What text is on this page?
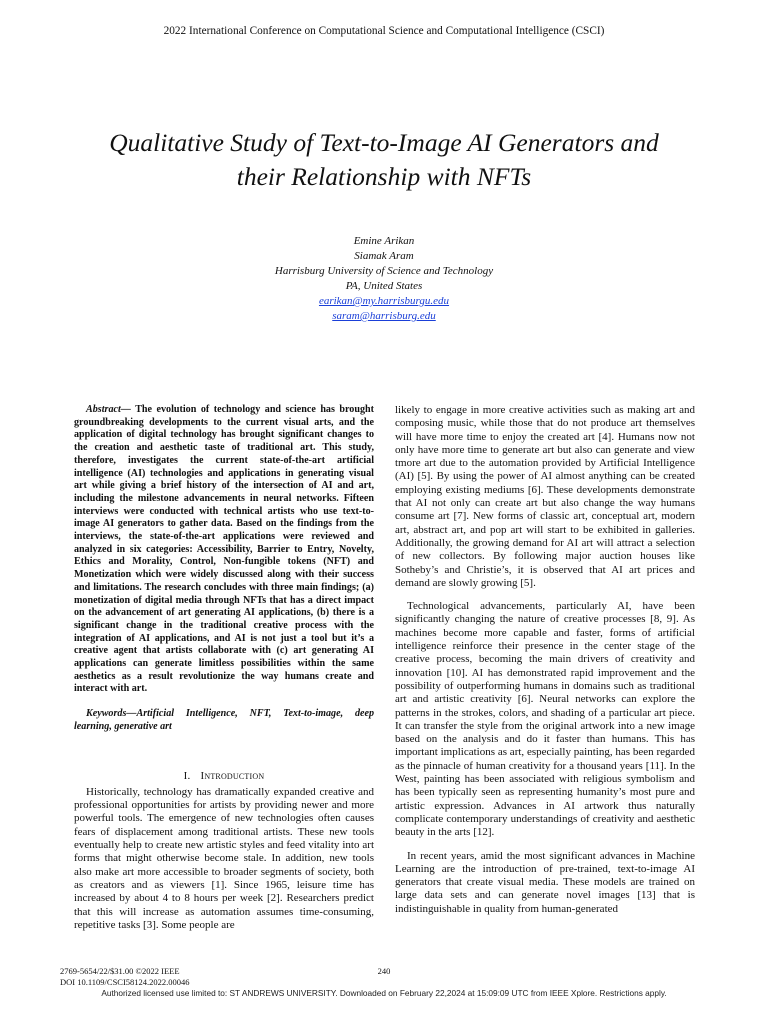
2022 International Conference on Computational Science and Computational Intelligence (CSCI)
Qualitative Study of Text-to-Image AI Generators and
their Relationship with NFTs
Emine Arikan
Siamak Aram
Harrisburg University of Science and Technology
PA, United States
earikan@my.harrisburgu.edu
saram@harrisburg.edu

Abstract— The evolution of technology and science has brought groundbreaking developments to the current visual arts, and the application of digital technology has brought significant changes to the creation and aesthetic taste of traditional art. This study, therefore, investigates the current state-of-the-art artificial intelligence (AI) technologies and applications in generating visual art while giving a brief history of the intersection of AI and art, including the milestone advancements in neural networks. Fifteen interviews were conducted with technical artists who use text-to-image AI generators to gather data. Based on the findings from the interviews, the state-of-the-art applications were reviewed and analyzed in six categories: Accessibility, Barrier to Entry, Novelty, Ethics and Morality, Control, Non-fungible tokens (NFT) and Monetization which were widely discussed along with their success and limitations. The research concludes with three main findings; (a) monetization of digital media through NFTs that has a direct impact on the advancement of art generating AI applications, (b) there is a significant change in the traditional creative process with the integration of AI applications, and AI is not just a tool but it’s a creative agent that artists collaborate with (c) art generating AI applications can generate limitless possibilities within the same aesthetics as a result revolutionize the way humans create and interact with art.

Keywords—Artificial Intelligence, NFT, Text-to-image, deep learning, generative art

I. Introduction

Historically, technology has dramatically expanded creative and professional opportunities for artists by providing newer and more powerful tools. The emergence of new technologies often causes fears of displacement among traditional artists. These new tools eventually help to create new artistic styles and feed vitality into art forms that might otherwise become stale. In addition, new tools also make art more accessible to broader segments of society, both as creators and as viewers [1]. Since 1965, leisure time has increased by about 4 to 8 hours per week [2]. Researchers predict that this will increase as automation assumes time-consuming, repetitive tasks [3]. Some people are

likely to engage in more creative activities such as making art and composing music, while those that do not produce art themselves will have more time to enjoy the created art [4]. Humans now not only have more time to generate art but also can generate and view tmore art due to the automation provided by Artificial Intelligence (AI) [5]. By using the power of AI almost anything can be created employing existing mediums [6]. These developments demonstrate that AI not only can create art but also change the way humans consume art [7]. New forms of classic art, conceptual art, modern art, abstract art, and pop art will start to be exhibited in galleries. Additionally, the growing demand for AI art will attract a selection of new collectors. By following major auction houses like Sotheby’s and Christie’s, it is observed that AI art prices and demand are slowly growing [5].

Technological advancements, particularly AI, have been significantly changing the nature of creative processes [8, 9]. As machines become more capable and faster, forms of artificial intelligence reinforce their presence in the center stage of the creative process, becoming the main drivers of creativity and innovation [10]. AI has demonstrated rapid improvement and the possibility of outperforming humans in domains such as traditional art and artistic creativity [6]. Neural networks can explore the patterns in the strokes, colors, and shading of a particular art piece. It can transfer the style from the original artwork into a new image based on the analysis and do it faster than humans. This has important implications as art, especially painting, has been regarded as the pinnacle of human creativity for a thousand years [11]. In the West, painting has been associated with religious symbolism and has been typically seen as representing humanity’s most pure and artistic expression. Advances in AI artwork thus naturally complicate contemporary understandings of creativity and aesthetic beauty in the arts [12].

In recent years, amid the most significant advances in Machine Learning are the introduction of pre-trained, text-to-image AI generators that create visual media. These models are trained on large data sets and can generate novel images [13] that is indistinguishable in quality from human-generated

2769-5654/22/$31.00 ©2022 IEEE
DOI 10.1109/CSCI58124.2022.00046
240
Authorized licensed use limited to: ST ANDREWS UNIVERSITY. Downloaded on February 22,2024 at 15:09:09 UTC from IEEE Xplore. Restrictions apply.
